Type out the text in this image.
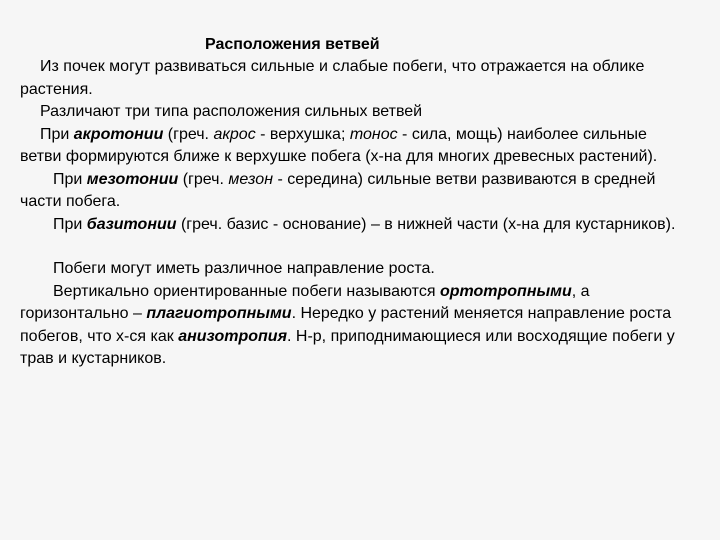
Расположения ветвей

Из почек могут развиваться сильные и слабые побеги, что отражается на облике растения.

Различают три типа расположения сильных ветвей

При акротонии (греч. акрос - верхушка; тонос - сила, мощь) наиболее сильные ветви формируются ближе к верхушке побега (х-на для многих древесных растений).

При мезотонии (греч. мезон - середина) сильные ветви развиваются в средней части побега.

При базитонии (греч. базис - основание) – в нижней части (х-на для кустарников).

Побеги могут иметь различное направление роста.

Вертикально ориентированные побеги называются ортотропными, а горизонтально – плагиотропными. Нередко у растений меняется направление роста побегов, что х-ся как анизотропия. Н-р, приподнимающиеся или восходящие побеги у трав и кустарников.
